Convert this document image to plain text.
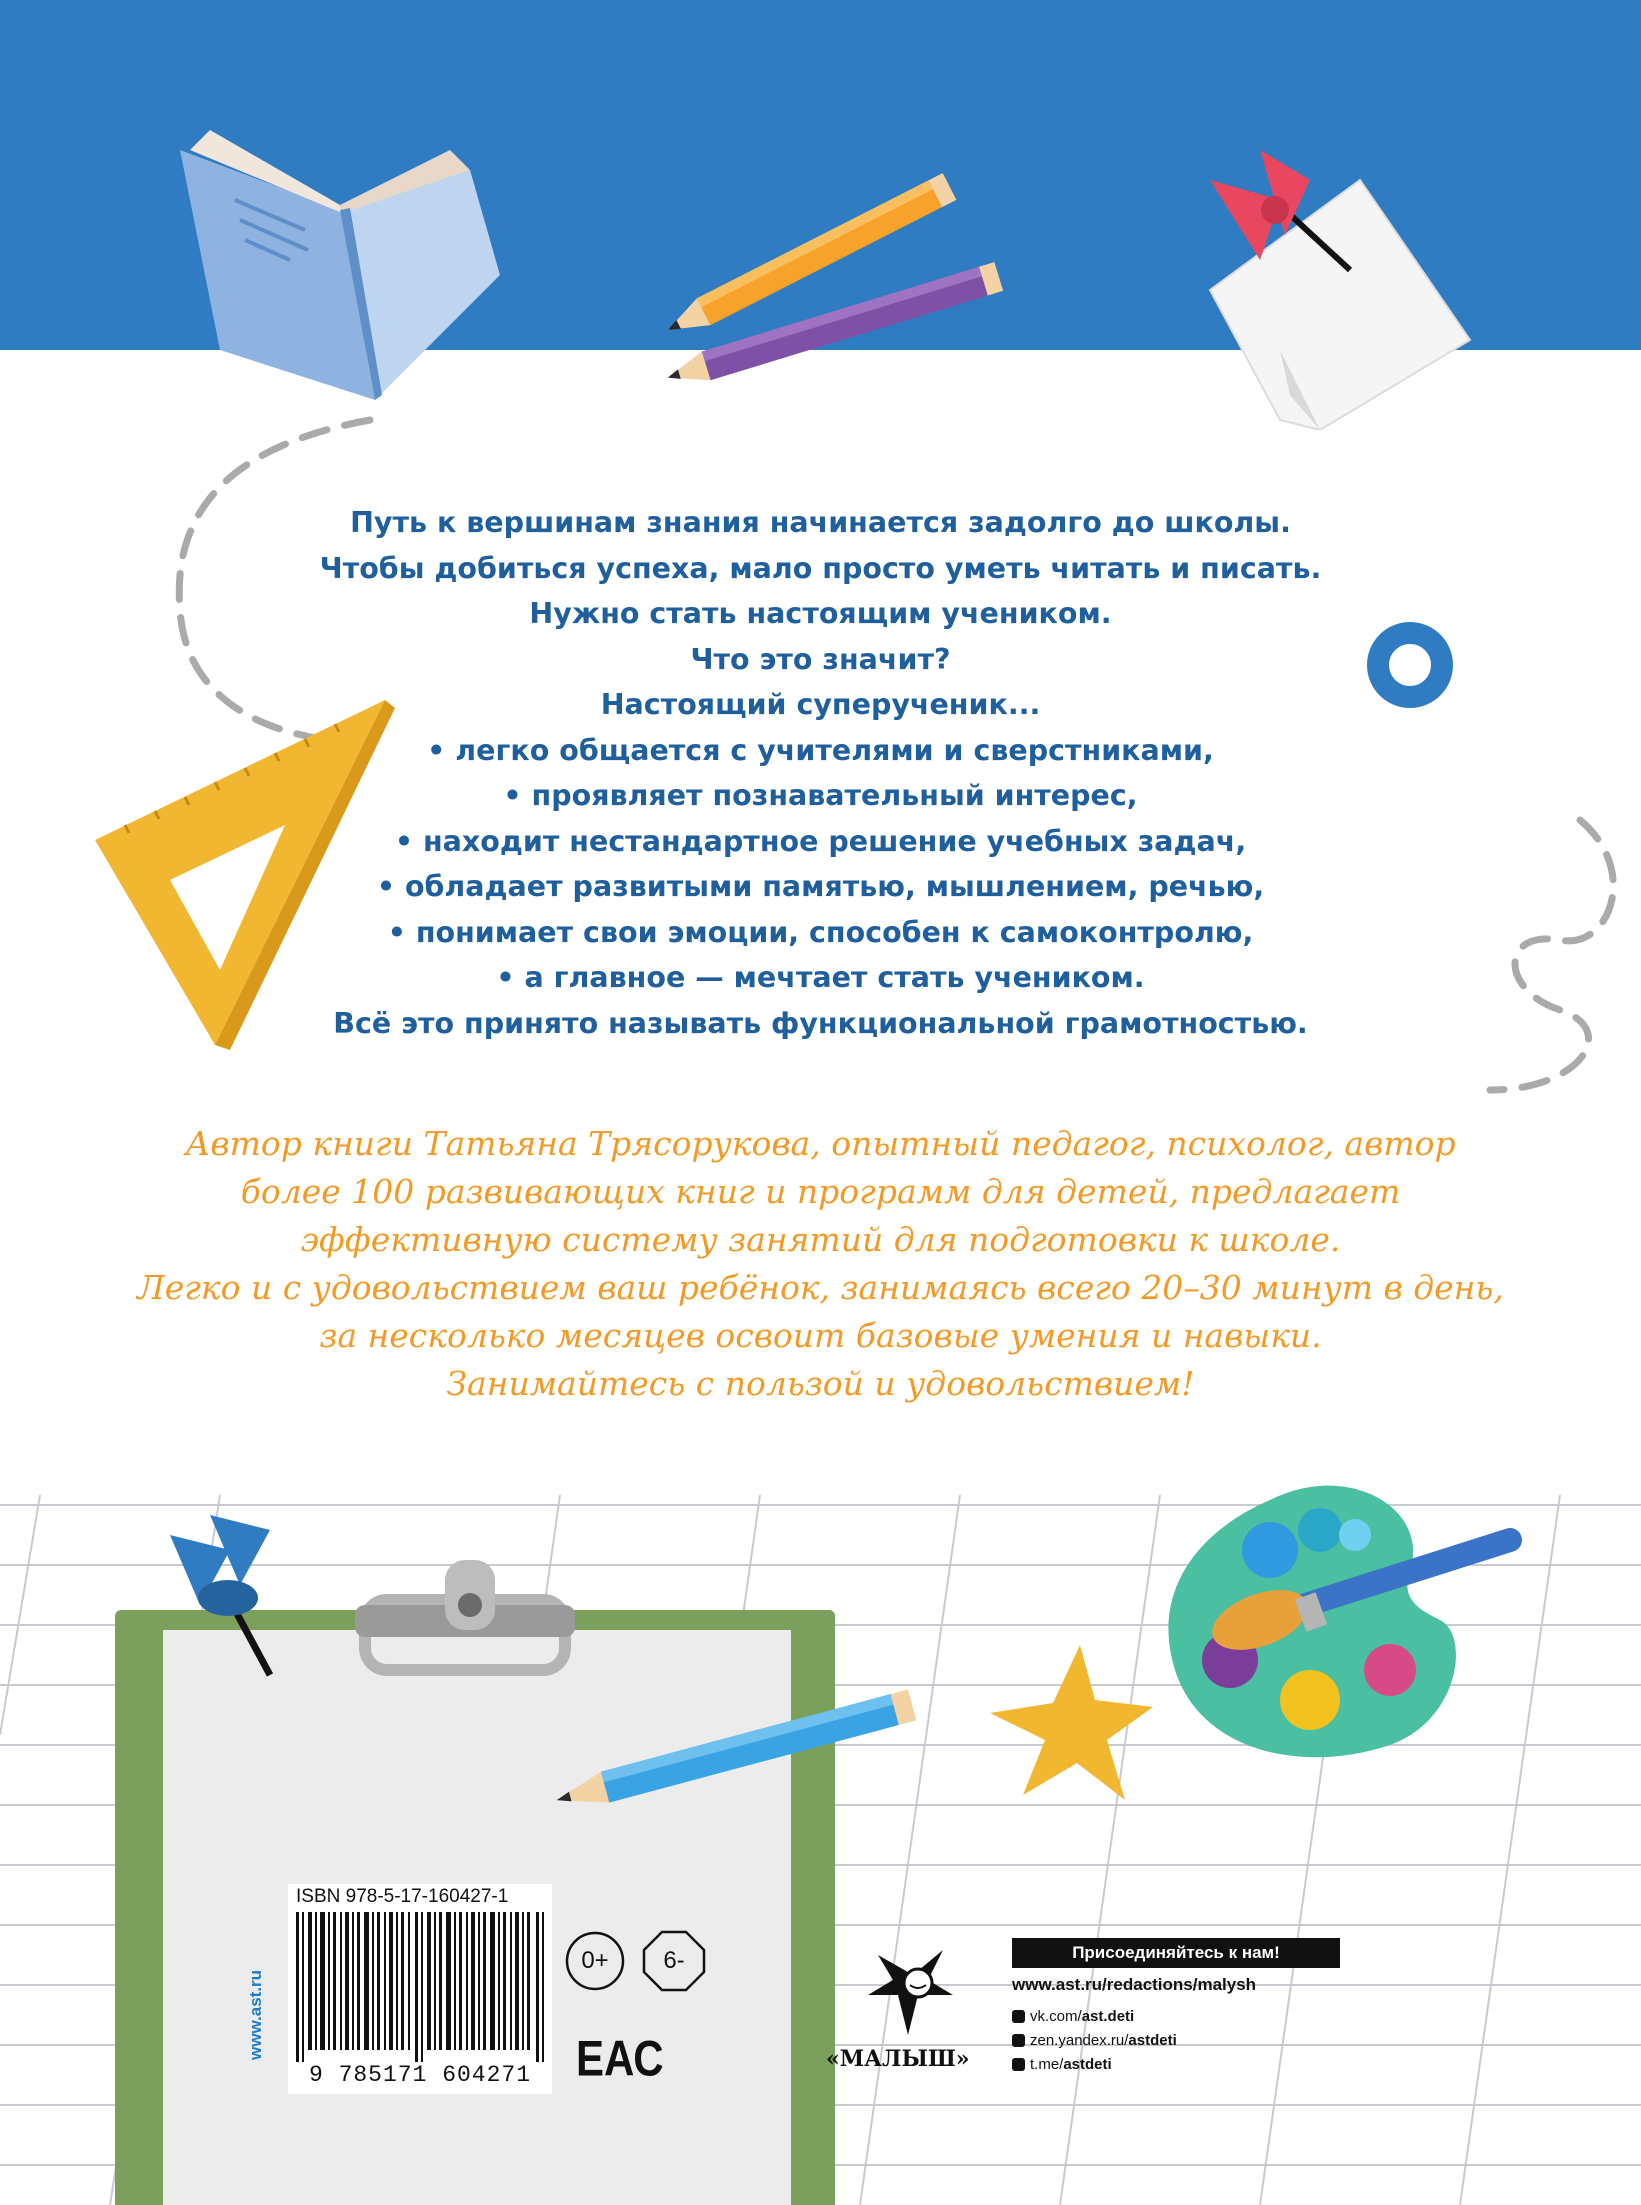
Путь к вершинам знания начинается задолго до школы.
Чтобы добиться успеха, мало просто уметь читать и писать.
Нужно стать настоящим учеником.
Что это значит?
Настоящий суперученик...
• легко общается с учителями и сверстниками,
• проявляет познавательный интерес,
• находит нестандартное решение учебных задач,
• обладает развитыми памятью, мышлением, речью,
• понимает свои эмоции, способен к самоконтролю,
• а главное — мечтает стать учеником.
Всё это принято называть функциональной грамотностью.
Автор книги Татьяна Трясорукова, опытный педагог, психолог, автор
более 100 развивающих книг и программ для детей, предлагает
эффективную систему занятий для подготовки к школе.
Легко и с удовольствием ваш ребёнок, занимаясь всего 20–30 минут в день,
за несколько месяцев освоит базовые умения и навыки.
Занимайтесь с пользой и удовольствием!
www.ast.ru
ISBN 978-5-17-160427-1
9 785171 604271
0+	6-
ЕАС	«МАЛЫШ»
Присоединяйтесь к нам!
www.ast.ru/redactions/malysh
vk.com/ast.deti
zen.yandex.ru/astdeti
t.me/astdeti
